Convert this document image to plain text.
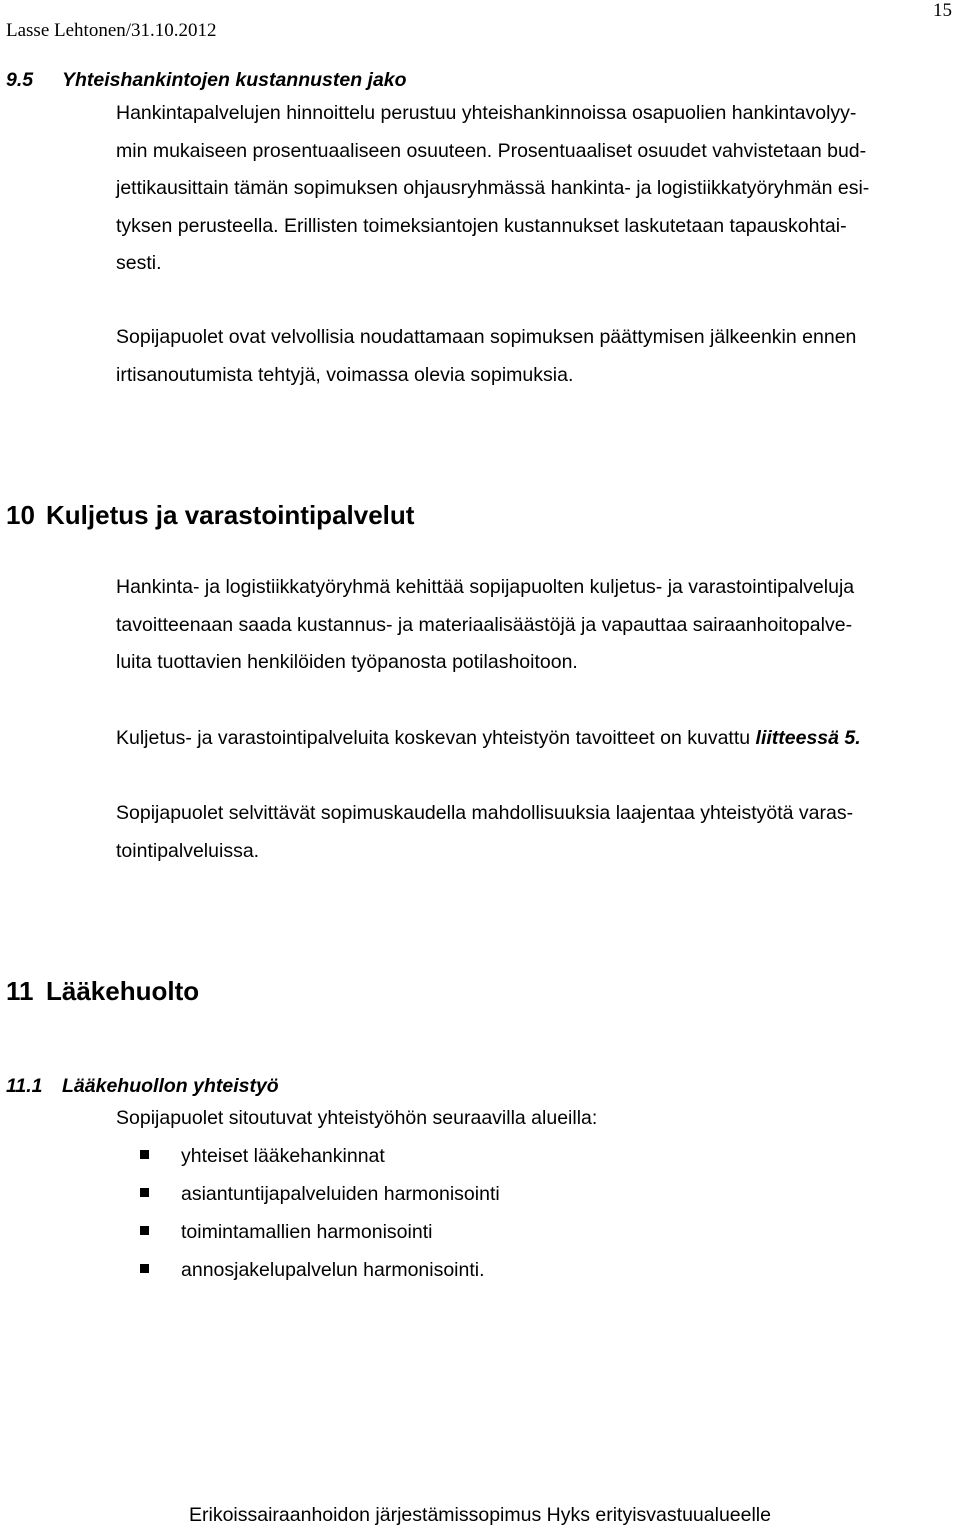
15
Lasse Lehtonen/31.10.2012
9.5 Yhteishankintojen kustannusten jako
Hankintapalvelujen hinnoittelu perustuu yhteishankinnoissa osapuolien hankintavolyy-
min mukaiseen prosentuaaliseen osuuteen. Prosentuaaliset osuudet vahvistetaan bud-
jettikausittain tämän sopimuksen ohjausryhmässä hankinta- ja logistiikkatyöryhmän esi-
tyksen perusteella. Erillisten toimeksiantojen kustannukset laskutetaan tapauskohtai-
sesti.
Sopijapuolet ovat velvollisia noudattamaan sopimuksen päättymisen jälkeenkin ennen
irtisanoutumista tehtyjä, voimassa olevia sopimuksia.
10 Kuljetus ja varastointipalvelut
Hankinta- ja logistiikkatyöryhmä kehittää sopijapuolten kuljetus- ja varastointipalveluja
tavoitteenaan saada kustannus- ja materiaalisäästöjä ja vapauttaa sairaanhoitopalve-
luita tuottavien henkilöiden työpanosta potilashoitoon.
Kuljetus- ja varastointipalveluita koskevan yhteistyön tavoitteet on kuvattu liitteessä 5.
Sopijapuolet selvittävät sopimuskaudella mahdollisuuksia laajentaa yhteistyötä varas-
tointipalveluissa.
11 Lääkehuolto
11.1 Lääkehuollon yhteistyö
Sopijapuolet sitoutuvat yhteistyöhön seuraavilla alueilla:
yhteiset lääkehankinnat
asiantuntijapalveluiden harmonisointi
toimintamallien harmonisointi
annosjakelupalvelun harmonisointi.
Erikoissairaanhoidon järjestämissopimus Hyks erityisvastuualueelle
